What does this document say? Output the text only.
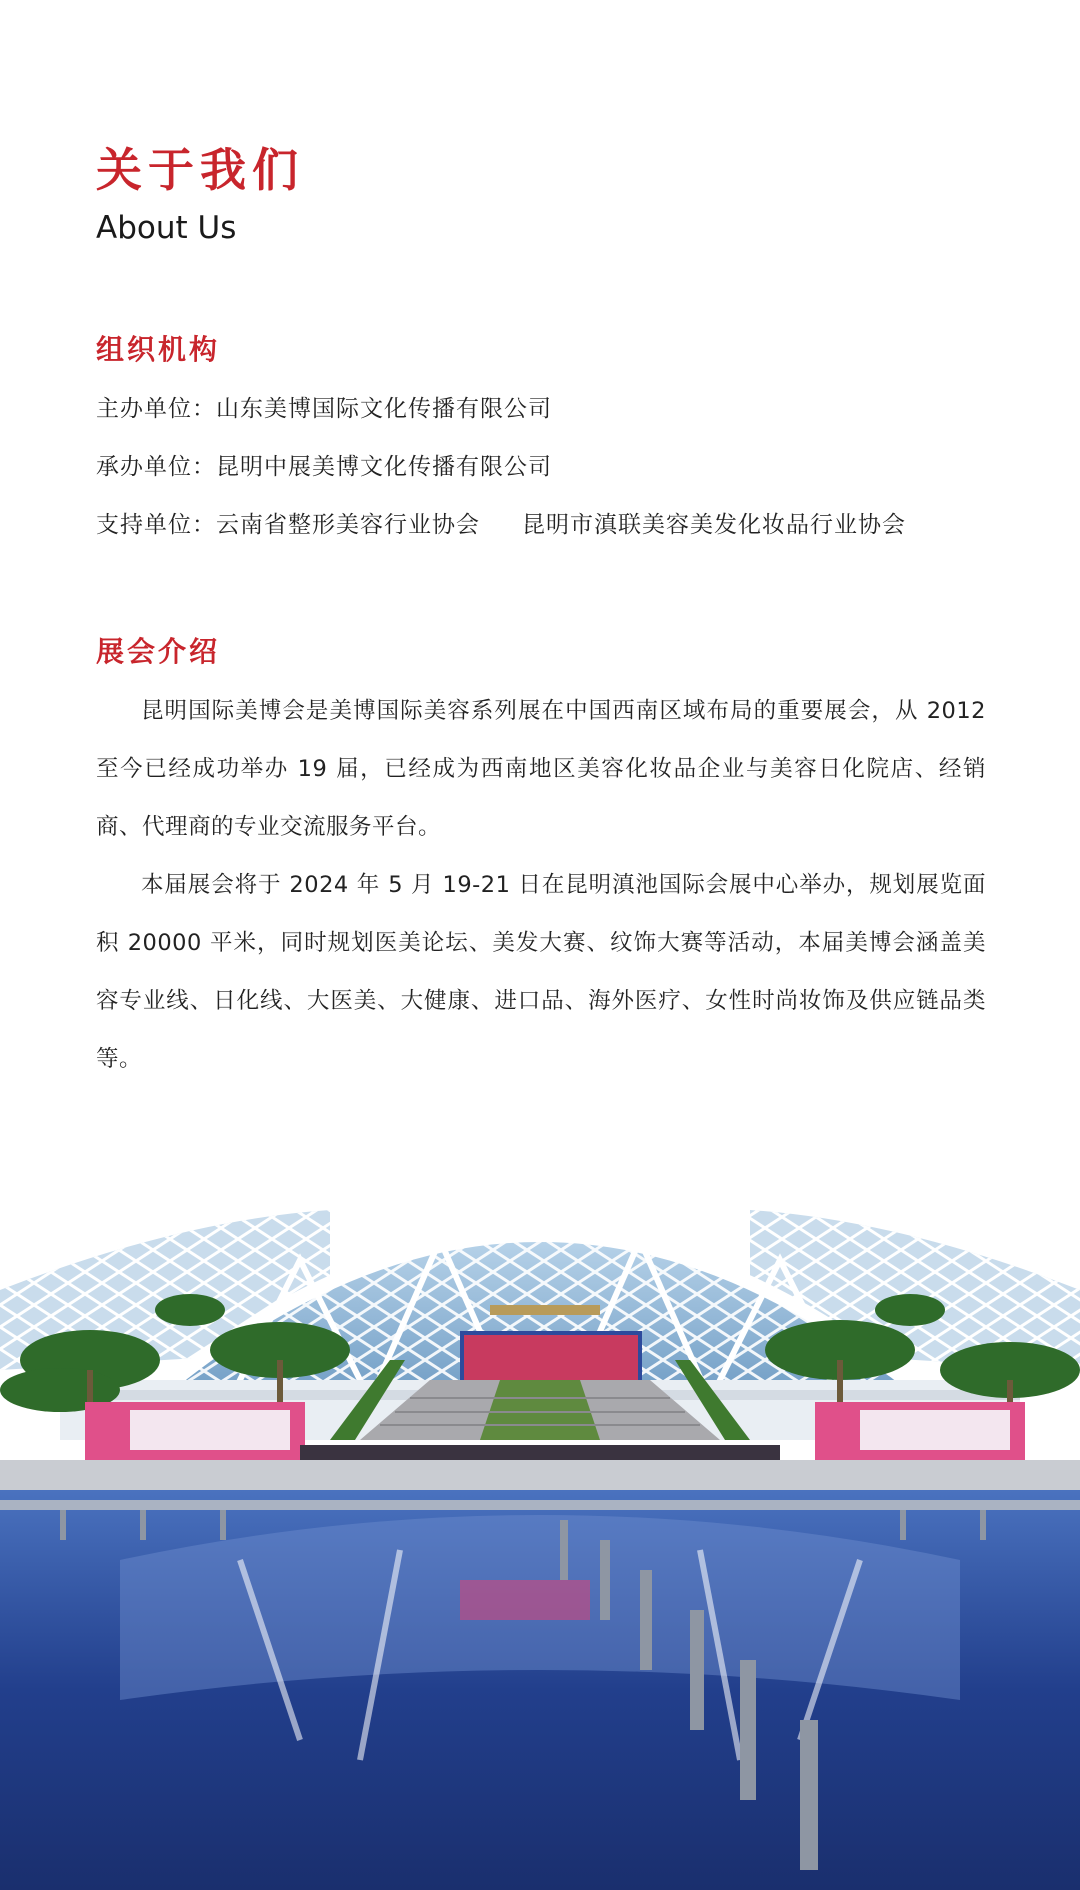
关于我们
About Us
组织机构
主办单位：山东美博国际文化传播有限公司
承办单位：昆明中展美博文化传播有限公司
支持单位：云南省整形美容行业协会 昆明市滇联美容美发化妆品行业协会
展会介绍

昆明国际美博会是美博国际美容系列展在中国西南区域布局的重要展会，从 2012 至今已经成功举办 19 届，已经成为西南地区美容化妆品企业与美容日化院店、经销商、代理商的专业交流服务平台。

本届展会将于 2024 年 5 月 19-21 日在昆明滇池国际会展中心举办，规划展览面积 20000 平米，同时规划医美论坛、美发大赛、纹饰大赛等活动，本届美博会涵盖美容专业线、日化线、大医美、大健康、进口品、海外医疗、女性时尚妆饰及供应链品类等。
